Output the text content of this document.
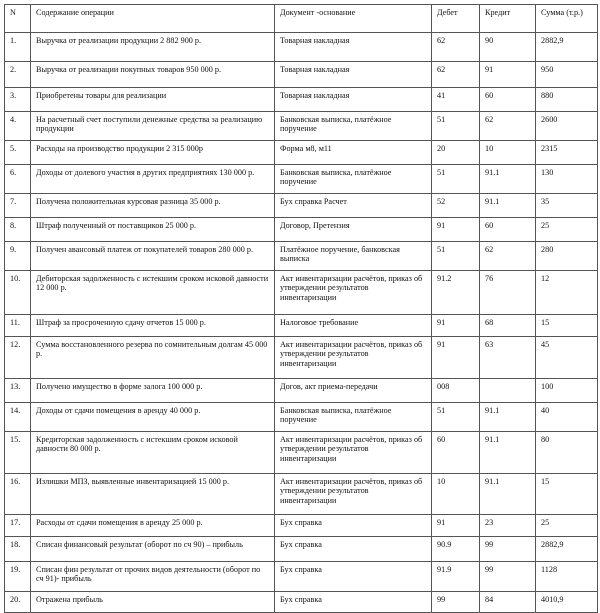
N	Содержание операции	Документ -основание	Дебет	Кредит	Сумма (т.р.)
1.	Выручка от реализации продукции 2 882 900 р.	Товарная накладная	62	90	2882,9
2.	Выручка от реализации покупных товаров 950 000 р.	Товарная накладная	62	91	950
3.	Приобретены товары для реализации	Товарная накладная	41	60	880
4.	На расчетный счет поступили денежные средства за реализацию продукции	Банковская выписка, платёжное поручение	51	62	2600
5.	Расходы на производство продукции 2 315 000р	Форма м8, м11	20	10	2315
6.	Доходы от долевого участия в других предприятиях 130 000 р.	Банковская выписка, платёжное поручение	51	91.1	130
7.	Получена положительная курсовая разница 35 000 р.	Бух справка Расчет	52	91.1	35
8.	Штраф полученный от поставщиков 25 000 р.	Договор, Претензия	91	60	25
9.	Получен авансовый платеж от покупателей товаров 280 000 р.	Платёжное поручение, банковская выписка	51	62	280
10.	Дебиторская задолженность с истекшим сроком исковой давности 12 000 р.	Акт инвентаризации расчётов, приказ об утверждении результатов инвентаризации	91.2	76	12
11.	Штраф за просроченную сдачу отчетов 15 000 р.	Налоговое требование	91	68	15
12.	Сумма восстановленного резерва по сомнительным долгам 45 000 р.	Акт инвентаризации расчётов, приказ об утверждении результатов инвентаризации	91	63	45
13.	Получено имущество в форме залога 100 000 р.	Догов, акт приема-передачи	008		100
14.	Доходы от сдачи помещения в аренду 40 000 р.	Банковская выписка, платёжное поручение	51	91.1	40
15.	Кредиторская задолженность с истекшим сроком исковой давности 80 000 р.	Акт инвентаризации расчётов, приказ об утверждении результатов инвентаризации	60	91.1	80
16.	Излишки МПЗ, выявленные инвентаризацией 15 000 р.	Акт инвентаризации расчётов, приказ об утверждении результатов инвентаризации	10	91.1	15
17.	Расходы от сдачи помещения в аренду 25 000 р.	Бух справка	91	23	25
18.	Списан финансовый результат (оборот по сч 90) – прибыль	Бух справка	90.9	99	2882,9
19.	Списан фин результат от прочих видов деятельности (оборот по сч 91)- прибыль	Бух справка	91.9	99	1128
20.	Отражена прибыль	Бух справка	99	84	4010,9
